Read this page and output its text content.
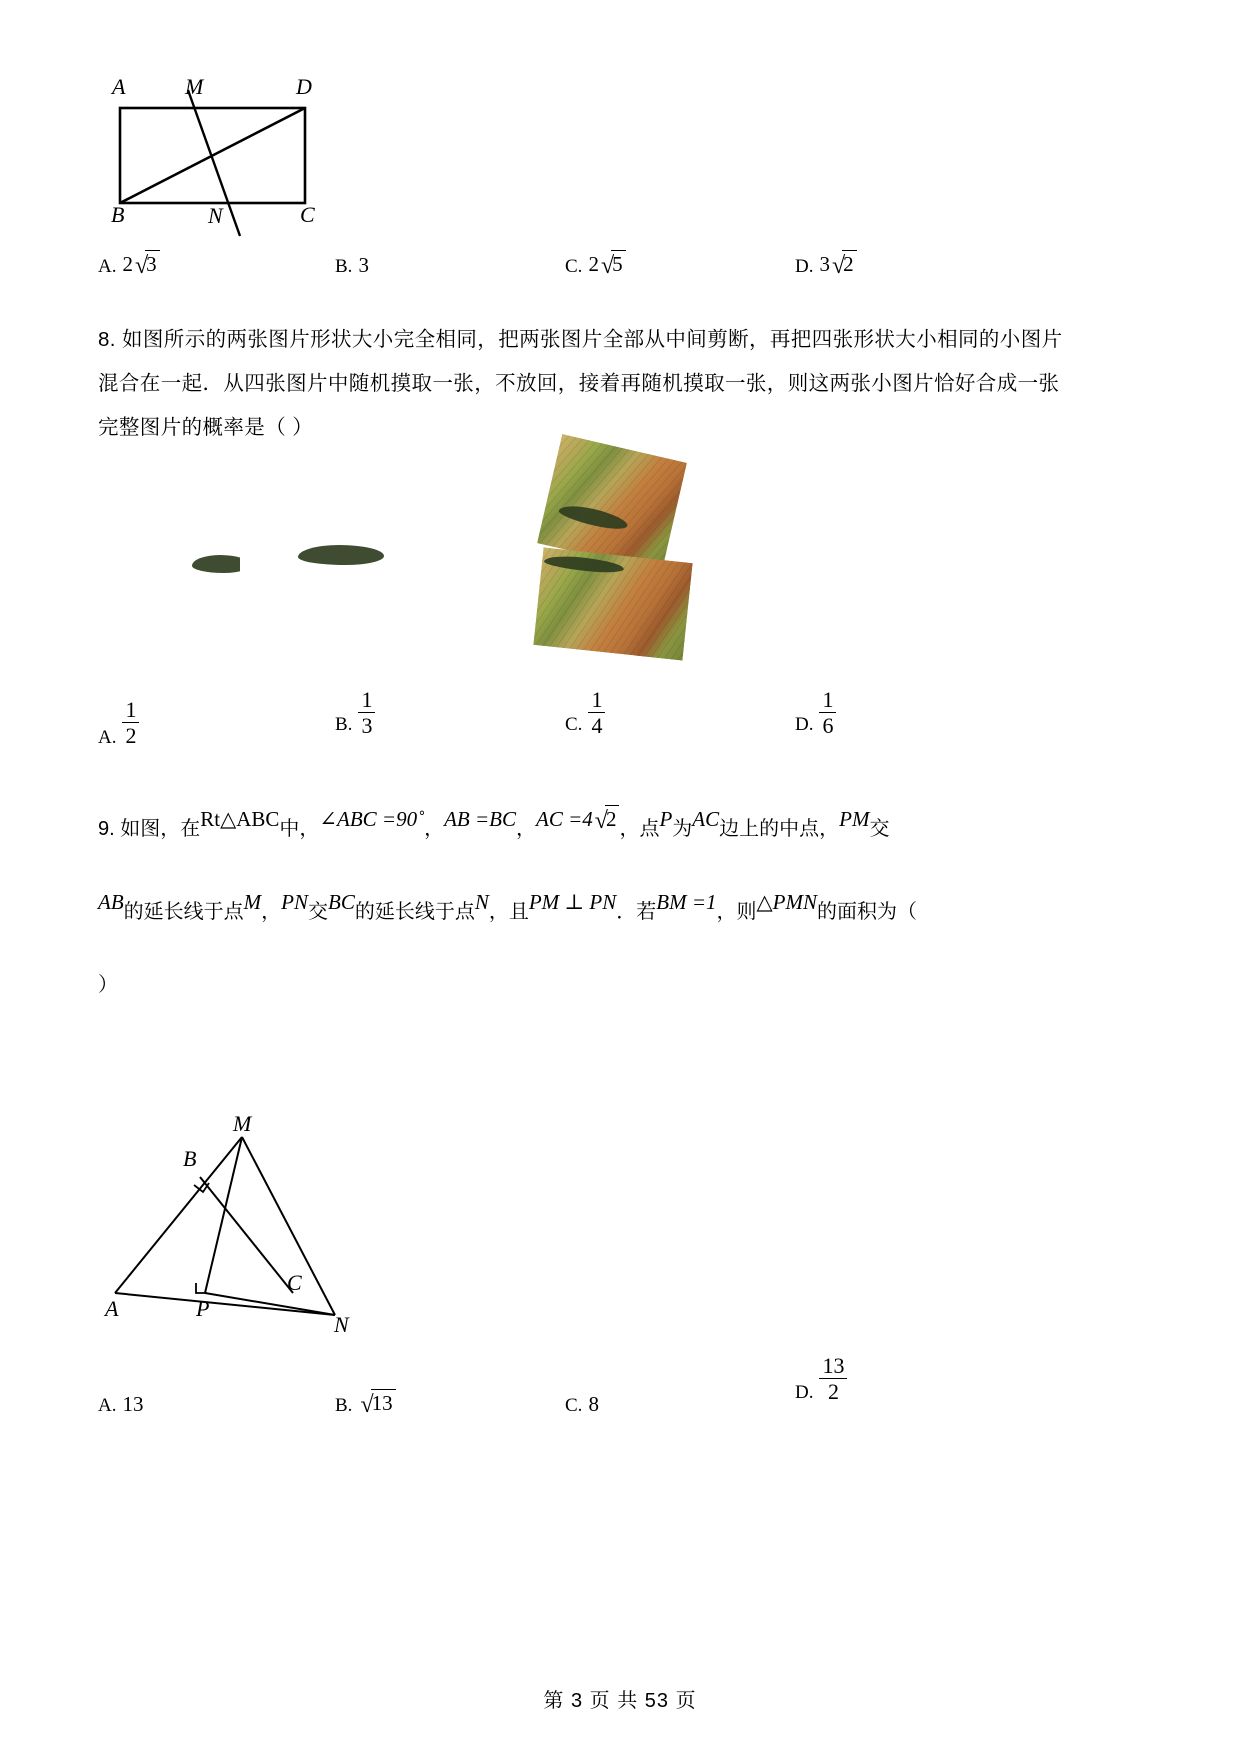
A	M	D
B	N	C
A. 2√3	B. 3	C. 2√5	D. 3√2
8. 如图所示的两张图片形状大小完全相同，把两张图片全部从中间剪断，再把四张形状大小相同的小图片
混合在一起．从四张图片中随机摸取一张，不放回，接着再随机摸取一张，则这两张小图片恰好合成一张
完整图片的概率是（ ）
A. $\frac{1}{2}$	B. $\frac{1}{3}$	C. $\frac{1}{4}$	D. $\frac{1}{6}$
9. 如图，在Rt△ABC中，∠ABC =90˚，AB =BC，AC =4√2 ，点P为AC边上的中点，PM交
AB的延长线于点M，PN交BC的延长线于点N，且PM ⊥ PN．若BM =1，则△PMN的面积为（
）
M
B
A	P
C
N
A. 13	B. √13	C. 8
D. $\frac{13}{2}$
第 3 页 共 53 页
